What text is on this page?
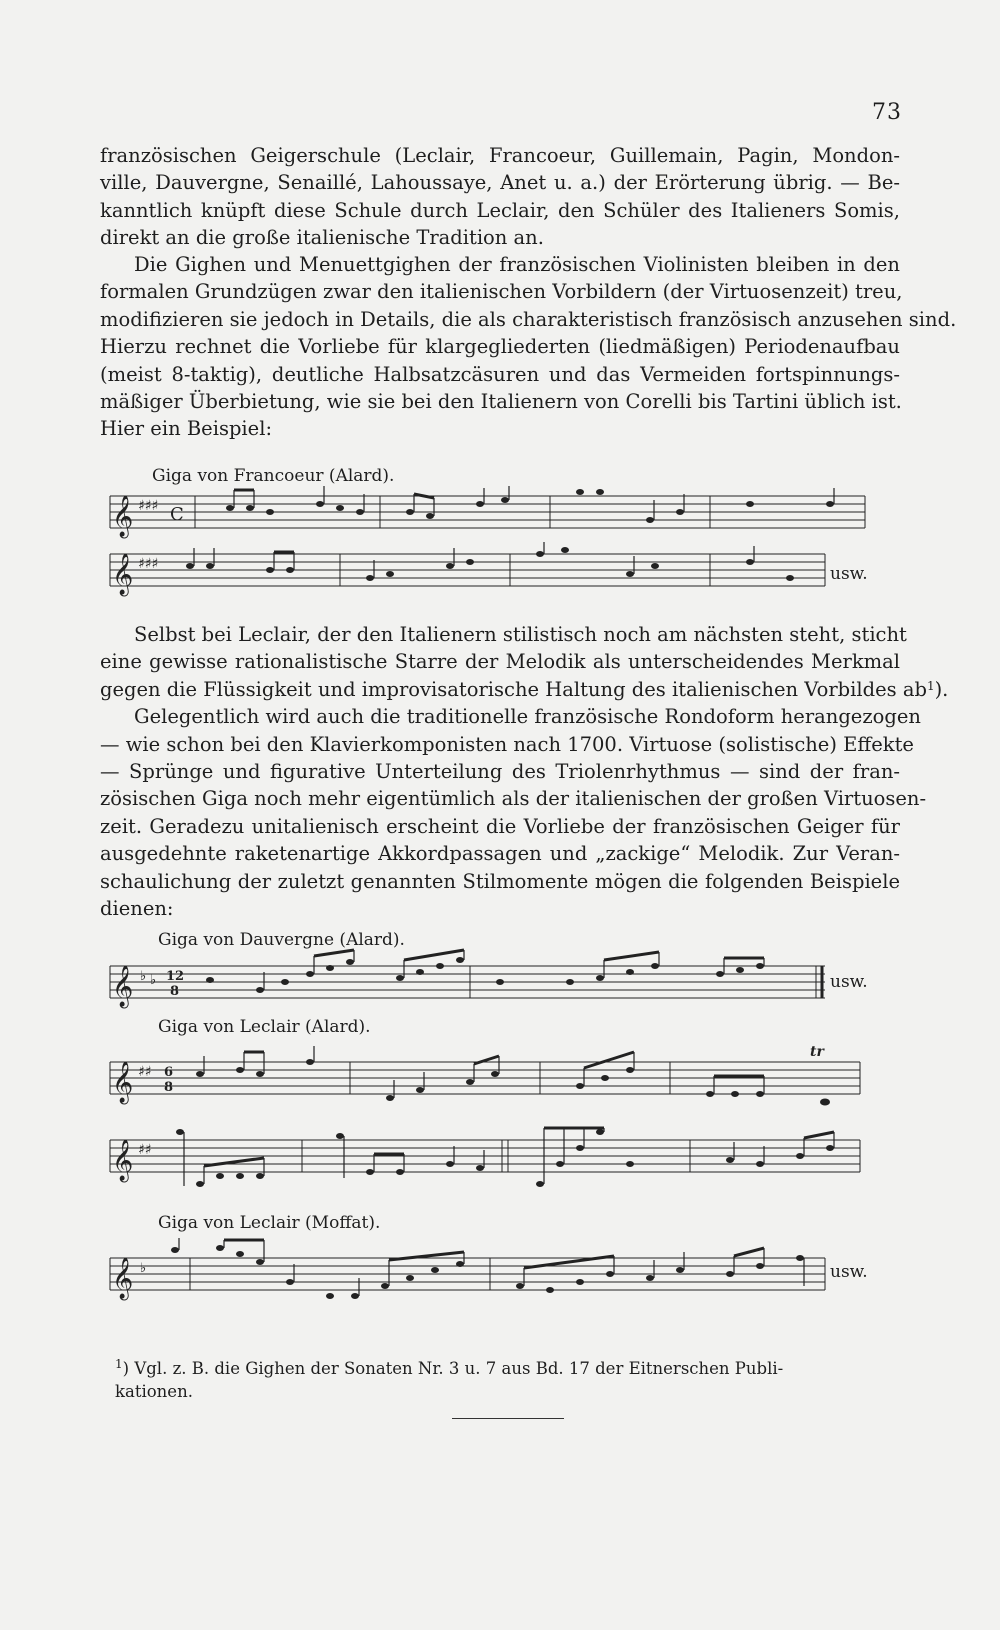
73
französischen Geigerschule (Leclair, Francoeur, Guillemain, Pagin, Mondon-
ville, Dauvergne, Senaillé, Lahoussaye, Anet u. a.) der Erörterung übrig. — Be-
kanntlich knüpft diese Schule durch Leclair, den Schüler des Italieners Somis,
direkt an die große italienische Tradition an.
Die Gighen und Menuettgighen der französischen Violinisten bleiben in den
formalen Grundzügen zwar den italienischen Vorbildern (der Virtuosenzeit) treu,
modifizieren sie jedoch in Details, die als charakteristisch französisch anzusehen sind.
Hierzu rechnet die Vorliebe für klargegliederten (liedmäßigen) Periodenaufbau
(meist 8-taktig), deutliche Halbsatzcäsuren und das Vermeiden fortspinnungs-
mäßiger Überbietung, wie sie bei den Italienern von Corelli bis Tartini üblich ist.
Hier ein Beispiel:
Giga von Francoeur (Alard).
𝄞 ♯♯♯ C
𝄞 ♯♯♯	usw.
Selbst bei Leclair, der den Italienern stilistisch noch am nächsten steht, sticht
eine gewisse rationalistische Starre der Melodik als unterscheidendes Merkmal
gegen die Flüssigkeit und improvisatorische Haltung des italienischen Vorbildes $ab^1$).
Gelegentlich wird auch die traditionelle französische Rondoform herangezogen
— wie schon bei den Klavierkomponisten nach 1700. Virtuose (solistische) Effekte
— Sprünge und figurative Unterteilung des Triolenrhythmus — sind der fran-
zösischen Giga noch mehr eigentümlich als der italienischen der großen Virtuosen-
zeit. Geradezu unitalienisch erscheint die Vorliebe der französischen Geiger für
ausgedehnte raketenartige Akkordpassagen und „zackige“ Melodik. Zur Veran-
schaulichung der zuletzt genannten Stilmomente mögen die folgenden Beispiele
dienen:
Giga von Dauvergne (Alard).
𝄞 ♭ ♭ 12
8	usw.
Giga von Leclair (Alard).
𝄞 ♯♯ 6
8
tr
𝄞 ♯♯
Giga von Leclair (Moffat).
𝄞 ♭	usw.
$^1$) Vgl. z. B. die Gighen der Sonaten Nr. 3 u. 7 aus Bd. 17 der Eitnerschen Publi-
kationen.
